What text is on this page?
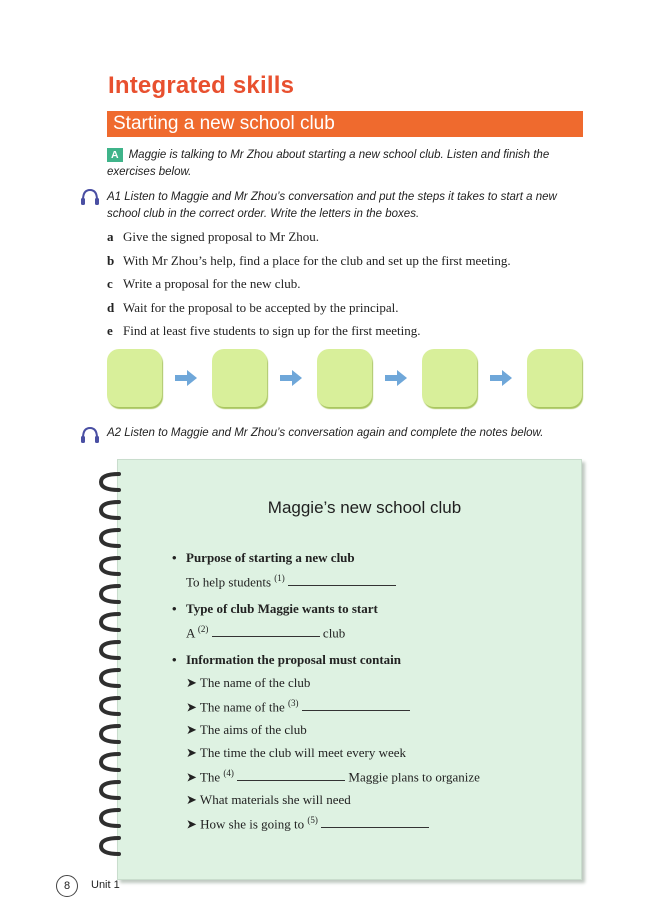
Integrated skills
Starting a new school club
A Maggie is talking to Mr Zhou about starting a new school club. Listen and finish the exercises below.
A1 Listen to Maggie and Mr Zhou’s conversation and put the steps it takes to start a new
school club in the correct order. Write the letters in the boxes.
a Give the signed proposal to Mr Zhou.
b With Mr Zhou’s help, find a place for the club and set up the first meeting.
c Write a proposal for the new club.
d Wait for the proposal to be accepted by the principal.
e Find at least five students to sign up for the first meeting.
A2 Listen to Maggie and Mr Zhou’s conversation again and complete the notes below.
Maggie’s new school club
• Purpose of starting a new club
To help students $^{(1)}$
• Type of club Maggie wants to start
A $^{(2)}$	club
• Information the proposal must contain
➤ The name of the club
➤ The name of the $^{(3)}$
➤ The aims of the club
➤ The time the club will meet every week
➤ The $^{(4)}$	Maggie plans to organize
➤ What materials she will need
➤ How she is going to $^{(5)}$
8	Unit 1
